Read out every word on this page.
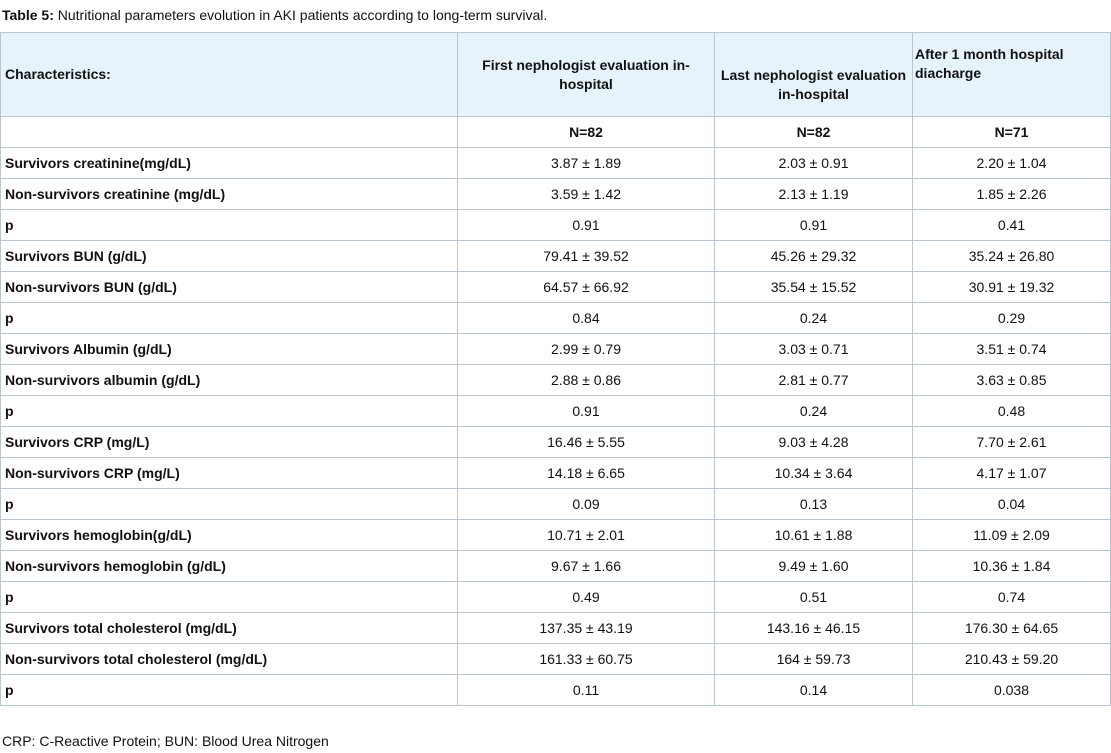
Table 5: Nutritional parameters evolution in AKI patients according to long-term survival.
Characteristics:	First nephologist evaluation in-hospital	Last nephologist evaluation in-hospital	After 1 month hospital diacharge
	N=82	N=82	N=71
Survivors creatinine(mg/dL)	3.87 ± 1.89	2.03 ± 0.91	2.20 ± 1.04
Non-survivors creatinine (mg/dL)	3.59 ± 1.42	2.13 ± 1.19	1.85 ± 2.26
p	0.91	0.91	0.41
Survivors BUN (g/dL)	79.41 ± 39.52	45.26 ± 29.32	35.24 ± 26.80
Non-survivors BUN (g/dL)	64.57 ± 66.92	35.54 ± 15.52	30.91 ± 19.32
p	0.84	0.24	0.29
Survivors Albumin (g/dL)	2.99 ± 0.79	3.03 ± 0.71	3.51 ± 0.74
Non-survivors albumin (g/dL)	2.88 ± 0.86	2.81 ± 0.77	3.63 ± 0.85
p	0.91	0.24	0.48
Survivors CRP (mg/L)	16.46 ± 5.55	9.03 ± 4.28	7.70 ± 2.61
Non-survivors CRP (mg/L)	14.18 ± 6.65	10.34 ± 3.64	4.17 ± 1.07
p	0.09	0.13	0.04
Survivors hemoglobin(g/dL)	10.71 ± 2.01	10.61 ± 1.88	11.09 ± 2.09
Non-survivors hemoglobin (g/dL)	9.67 ± 1.66	9.49 ± 1.60	10.36 ± 1.84
p	0.49	0.51	0.74
Survivors total cholesterol (mg/dL)	137.35 ± 43.19	143.16 ± 46.15	176.30 ± 64.65
Non-survivors total cholesterol (mg/dL)	161.33 ± 60.75	164 ± 59.73	210.43 ± 59.20
p	0.11	0.14	0.038
CRP: C-Reactive Protein; BUN: Blood Urea Nitrogen
